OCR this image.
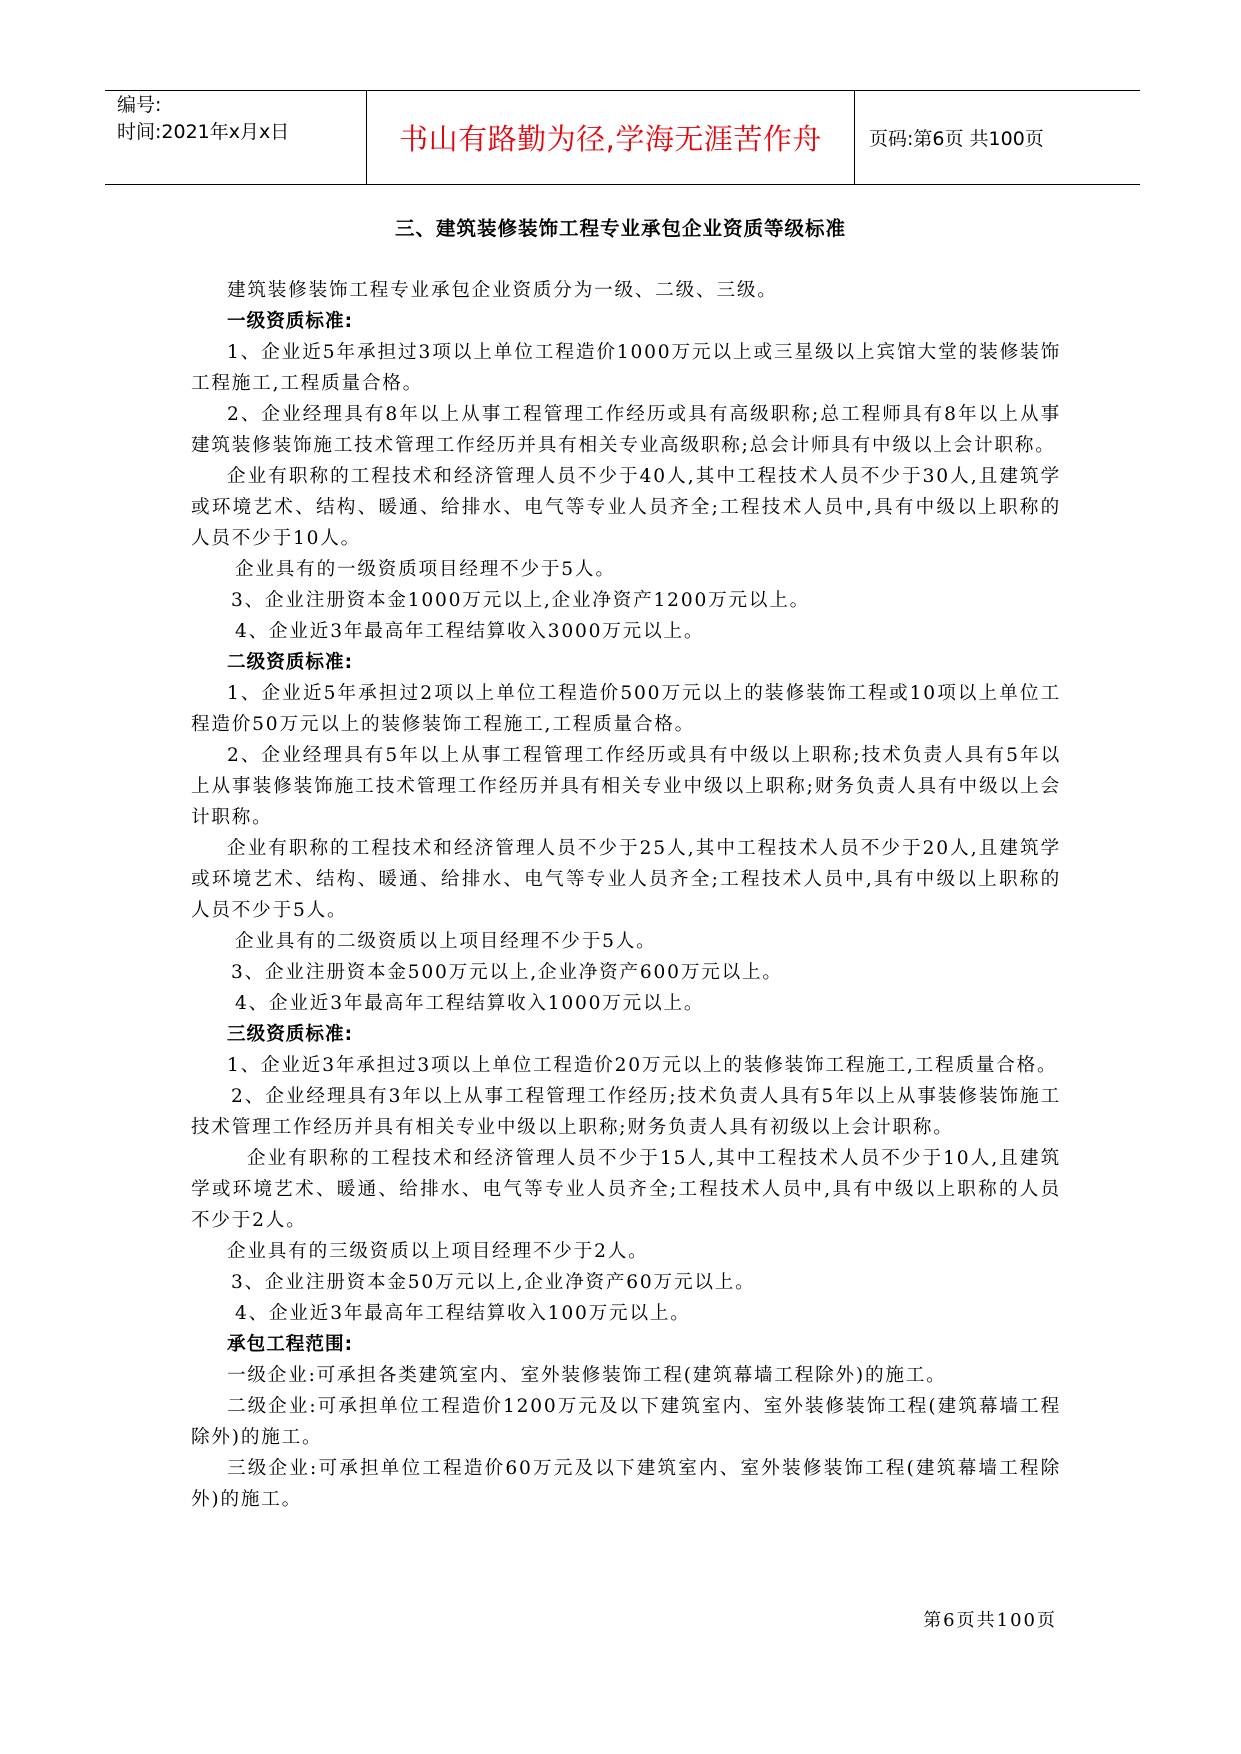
编号:
时间:2021年x月x日	书山有路勤为径,学海无涯苦作舟	页码:第6页 共100页
三、建筑装修装饰工程专业承包企业资质等级标准

建筑装修装饰工程专业承包企业资质分为一级、二级、三级。

一级资质标准:

1、企业近5年承担过3项以上单位工程造价1000万元以上或三星级以上宾馆大堂的装修装饰工程施工,工程质量合格。

2、企业经理具有8年以上从事工程管理工作经历或具有高级职称;总工程师具有8年以上从事建筑装修装饰施工技术管理工作经历并具有相关专业高级职称;总会计师具有中级以上会计职称。

企业有职称的工程技术和经济管理人员不少于40人,其中工程技术人员不少于30人,且建筑学或环境艺术、结构、暖通、给排水、电气等专业人员齐全;工程技术人员中,具有中级以上职称的人员不少于10人。

企业具有的一级资质项目经理不少于5人。

3、企业注册资本金1000万元以上,企业净资产1200万元以上。

4、企业近3年最高年工程结算收入3000万元以上。

二级资质标准:

1、企业近5年承担过2项以上单位工程造价500万元以上的装修装饰工程或10项以上单位工程造价50万元以上的装修装饰工程施工,工程质量合格。

2、企业经理具有5年以上从事工程管理工作经历或具有中级以上职称;技术负责人具有5年以上从事装修装饰施工技术管理工作经历并具有相关专业中级以上职称;财务负责人具有中级以上会计职称。

企业有职称的工程技术和经济管理人员不少于25人,其中工程技术人员不少于20人,且建筑学或环境艺术、结构、暖通、给排水、电气等专业人员齐全;工程技术人员中,具有中级以上职称的人员不少于5人。

企业具有的二级资质以上项目经理不少于5人。

3、企业注册资本金500万元以上,企业净资产600万元以上。

4、企业近3年最高年工程结算收入1000万元以上。

三级资质标准:

1、企业近3年承担过3项以上单位工程造价20万元以上的装修装饰工程施工,工程质量合格。

2、企业经理具有3年以上从事工程管理工作经历;技术负责人具有5年以上从事装修装饰施工技术管理工作经历并具有相关专业中级以上职称;财务负责人具有初级以上会计职称。

企业有职称的工程技术和经济管理人员不少于15人,其中工程技术人员不少于10人,且建筑学或环境艺术、暖通、给排水、电气等专业人员齐全;工程技术人员中,具有中级以上职称的人员不少于2人。

企业具有的三级资质以上项目经理不少于2人。

3、企业注册资本金50万元以上,企业净资产60万元以上。

4、企业近3年最高年工程结算收入100万元以上。

承包工程范围:

一级企业:可承担各类建筑室内、室外装修装饰工程(建筑幕墙工程除外)的施工。

二级企业:可承担单位工程造价1200万元及以下建筑室内、室外装修装饰工程(建筑幕墙工程除外)的施工。

三级企业:可承担单位工程造价60万元及以下建筑室内、室外装修装饰工程(建筑幕墙工程除外)的施工。

第6页共100页
